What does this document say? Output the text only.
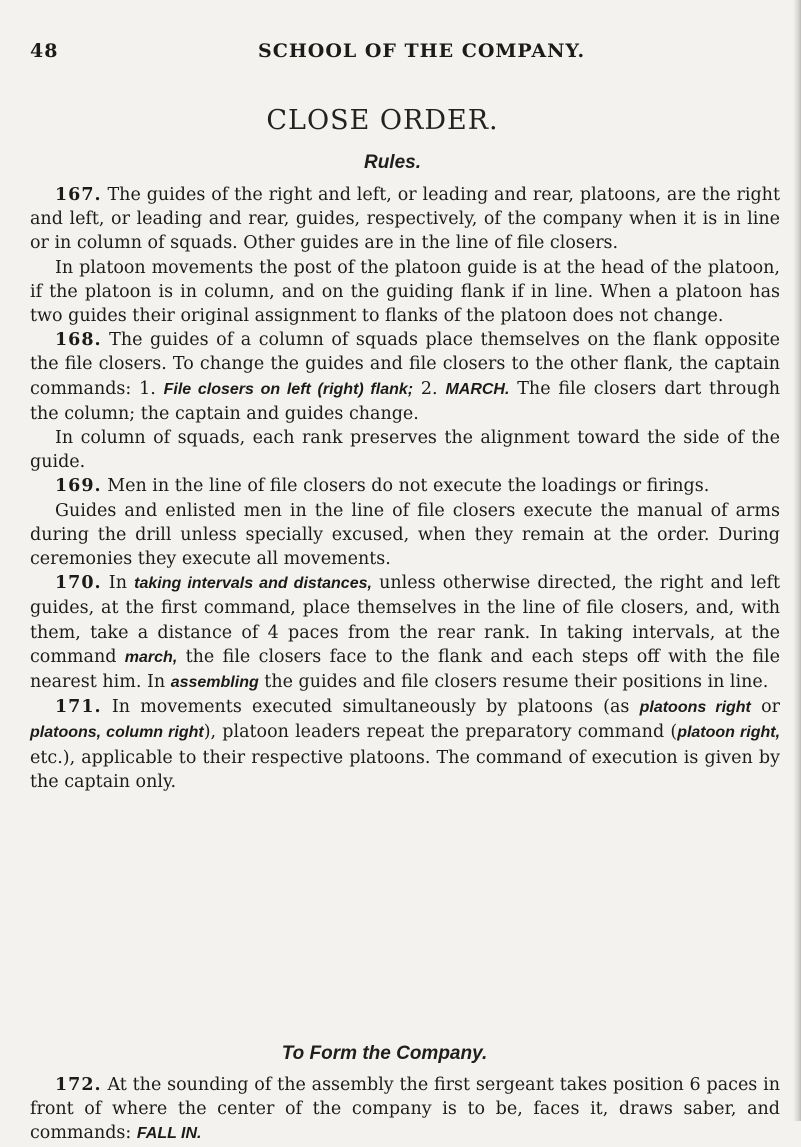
48	SCHOOL OF THE COMPANY.
CLOSE ORDER.
Rules.

167. The guides of the right and left, or leading and rear, platoons, are the right and left, or leading and rear, guides, respectively, of the company when it is in line or in column of squads. Other guides are in the line of file closers.

In platoon movements the post of the platoon guide is at the head of the platoon, if the platoon is in column, and on the guiding flank if in line. When a platoon has two guides their original assignment to flanks of the platoon does not change.

168. The guides of a column of squads place themselves on the flank opposite the file closers. To change the guides and file closers to the other flank, the captain commands: 1. File closers on left (right) flank; 2. MARCH. The file closers dart through the column; the captain and guides change.

In column of squads, each rank preserves the alignment toward the side of the guide.

169. Men in the line of file closers do not execute the loadings or firings.

Guides and enlisted men in the line of file closers execute the manual of arms during the drill unless specially excused, when they remain at the order. During ceremonies they execute all movements.

170. In taking intervals and distances, unless otherwise directed, the right and left guides, at the first command, place themselves in the line of file closers, and, with them, take a distance of 4 paces from the rear rank. In taking intervals, at the command march, the file closers face to the flank and each steps off with the file nearest him. In assembling the guides and file closers resume their positions in line.

171. In movements executed simultaneously by platoons (as platoons right or platoons, column right), platoon leaders repeat the preparatory command (platoon right, etc.), applicable to their respective platoons. The command of execution is given by the captain only.

To Form the Company.

172. At the sounding of the assembly the first sergeant takes position 6 paces in front of where the center of the company is to be, faces it, draws saber, and commands: FALL IN.
